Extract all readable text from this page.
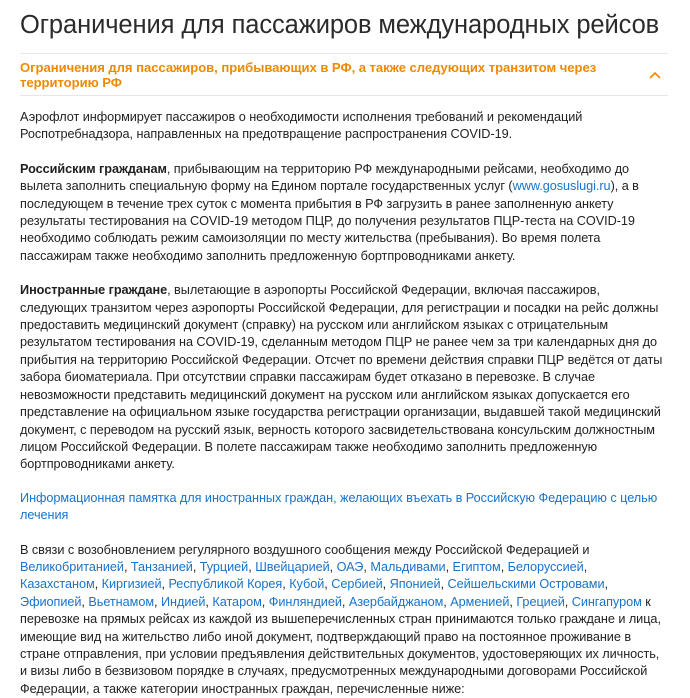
Ограничения для пассажиров международных рейсов
Ограничения для пассажиров, прибывающих в РФ, а также следующих транзитом через территорию РФ

Аэрофлот информирует пассажиров о необходимости исполнения требований и рекомендаций Роспотребнадзора, направленных на предотвращение распространения COVID-19.

Российским гражданам, прибывающим на территорию РФ международными рейсами, необходимо до вылета заполнить специальную форму на Едином портале государственных услуг (www.gosuslugi.ru), а в последующем в течение трех суток с момента прибытия в РФ загрузить в ранее заполненную анкету результаты тестирования на COVID-19 методом ПЦР, до получения результатов ПЦР-теста на COVID-19 необходимо соблюдать режим самоизоляции по месту жительства (пребывания). Во время полета пассажирам также необходимо заполнить предложенную бортпроводниками анкету.

Иностранные граждане, вылетающие в аэропорты Российской Федерации, включая пассажиров, следующих транзитом через аэропорты Российской Федерации, для регистрации и посадки на рейс должны предоставить медицинский документ (справку) на русском или английском языках с отрицательным результатом тестирования на COVID-19, сделанным методом ПЦР не ранее чем за три календарных дня до прибытия на территорию Российской Федерации. Отсчет по времени действия справки ПЦР ведётся от даты забора биоматериала. При отсутствии справки пассажирам будет отказано в перевозке. В случае невозможности представить медицинский документ на русском или английском языках допускается его представление на официальном языке государства регистрации организации, выдавшей такой медицинский документ, с переводом на русский язык, верность которого засвидетельствована консульским должностным лицом Российской Федерации. В полете пассажирам также необходимо заполнить предложенную бортпроводниками анкету.

Информационная памятка для иностранных граждан, желающих въехать в Российскую Федерацию с целью лечения

В связи с возобновлением регулярного воздушного сообщения между Российской Федерацией и Великобританией, Танзанией, Турцией, Швейцарией, ОАЭ, Мальдивами, Египтом, Белоруссией, Казахстаном, Киргизией, Республикой Корея, Кубой, Сербией, Японией, Сейшельскими Островами, Эфиопией, Вьетнамом, Индией, Катаром, Финляндией, Азербайджаном, Арменией, Грецией, Сингапуром к перевозке на прямых рейсах из каждой из вышеперечисленных стран принимаются только граждане и лица, имеющие вид на жительство либо иной документ, подтверждающий право на постоянное проживание в стране отправления, при условии предъявления действительных документов, удостоверяющих их личность, и визы либо в безвизовом порядке в случаях, предусмотренных международными договорами Российской Федерации, а также категории иностранных граждан, перечисленные ниже:
